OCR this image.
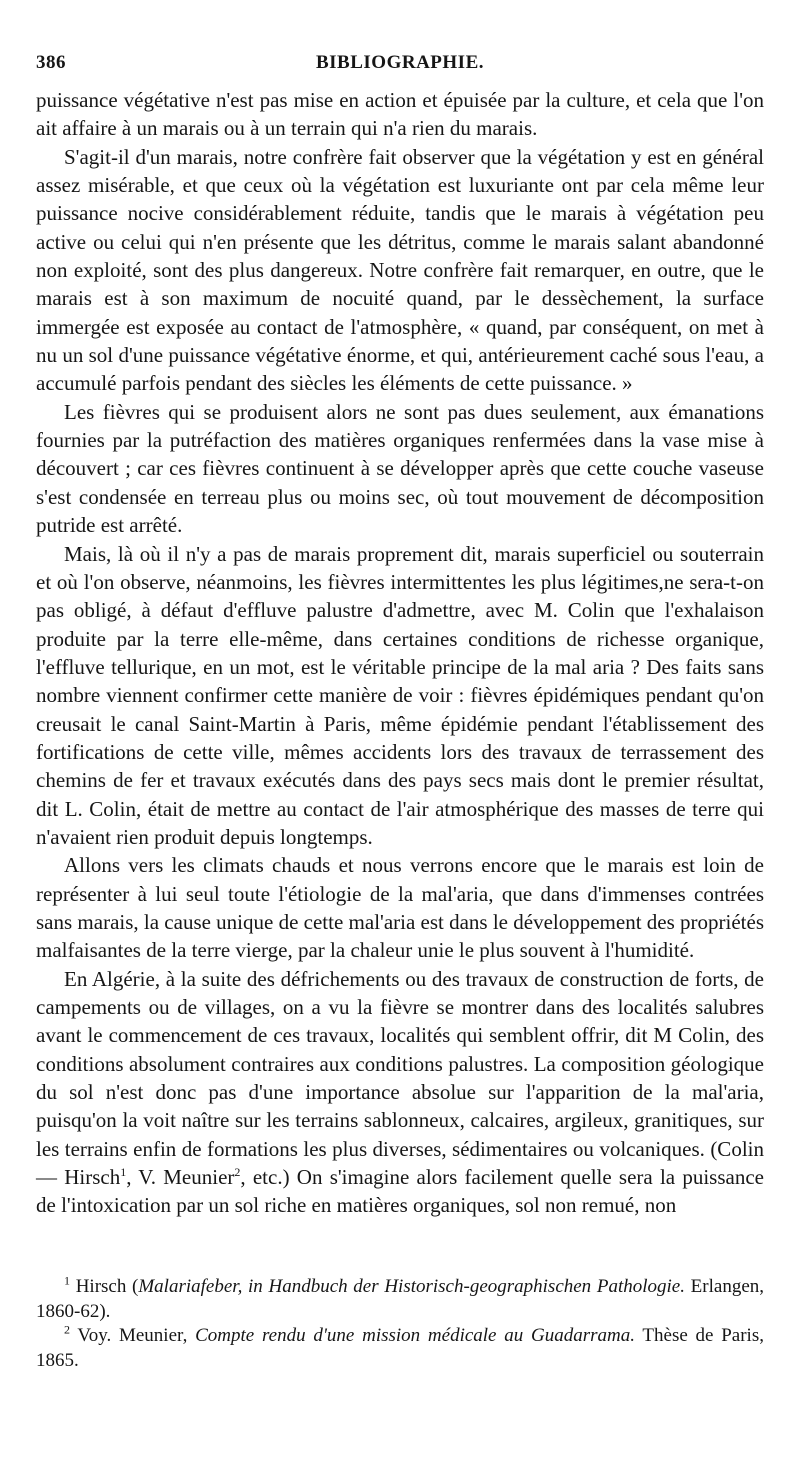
386	BIBLIOGRAPHIE.

puissance végétative n'est pas mise en action et épuisée par la culture, et cela que l'on ait affaire à un marais ou à un terrain qui n'a rien du marais.

S'agit-il d'un marais, notre confrère fait observer que la végétation y est en général assez misérable, et que ceux où la végétation est luxuriante ont par cela même leur puissance nocive considérablement réduite, tandis que le marais à végétation peu active ou celui qui n'en présente que les détritus, comme le marais salant abandonné non exploité, sont des plus dangereux. Notre confrère fait remarquer, en outre, que le marais est à son maximum de nocuité quand, par le dessèchement, la surface immergée est exposée au contact de l'atmosphère, « quand, par conséquent, on met à nu un sol d'une puissance végétative énorme, et qui, antérieurement caché sous l'eau, a accumulé parfois pendant des siècles les éléments de cette puissance. »

Les fièvres qui se produisent alors ne sont pas dues seulement, aux émanations fournies par la putréfaction des matières organiques renfermées dans la vase mise à découvert ; car ces fièvres continuent à se développer après que cette couche vaseuse s'est condensée en terreau plus ou moins sec, où tout mouvement de décomposition putride est arrêté.

Mais, là où il n'y a pas de marais proprement dit, marais superficiel ou souterrain et où l'on observe, néanmoins, les fièvres intermittentes les plus légitimes,ne sera-t-on pas obligé, à défaut d'effluve palustre d'admettre, avec M. Colin que l'exhalaison produite par la terre elle-même, dans certaines conditions de richesse organique, l'effluve tellurique, en un mot, est le véritable principe de la mal aria ? Des faits sans nombre viennent confirmer cette manière de voir : fièvres épidémiques pendant qu'on creusait le canal Saint-Martin à Paris, même épidémie pendant l'établissement des fortifications de cette ville, mêmes accidents lors des travaux de terrassement des chemins de fer et travaux exécutés dans des pays secs mais dont le premier résultat, dit L. Colin, était de mettre au contact de l'air atmosphérique des masses de terre qui n'avaient rien produit depuis longtemps.

Allons vers les climats chauds et nous verrons encore que le marais est loin de représenter à lui seul toute l'étiologie de la mal'aria, que dans d'immenses contrées sans marais, la cause unique de cette mal'aria est dans le développement des propriétés malfaisantes de la terre vierge, par la chaleur unie le plus souvent à l'humidité.

En Algérie, à la suite des défrichements ou des travaux de construction de forts, de campements ou de villages, on a vu la fièvre se montrer dans des localités salubres avant le commencement de ces travaux, localités qui semblent offrir, dit M Colin, des conditions absolument contraires aux conditions palustres. La composition géologique du sol n'est donc pas d'une importance absolue sur l'apparition de la mal'aria, puisqu'on la voit naître sur les terrains sablonneux, calcaires, argileux, granitiques, sur les terrains enfin de formations les plus diverses, sédimentaires ou volcaniques. (Colin — Hirsch$^1$, V. Meunier$^2$, etc.) On s'imagine alors facilement quelle sera la puissance de l'intoxication par un sol riche en matières organiques, sol non remué, non

$^1$ Hirsch (Malariafeber, in Handbuch der Historisch-geographischen Pathologie. Erlangen, 1860-62).

$^2$ Voy. Meunier, Compte rendu d'une mission médicale au Guadarrama. Thèse de Paris, 1865.
